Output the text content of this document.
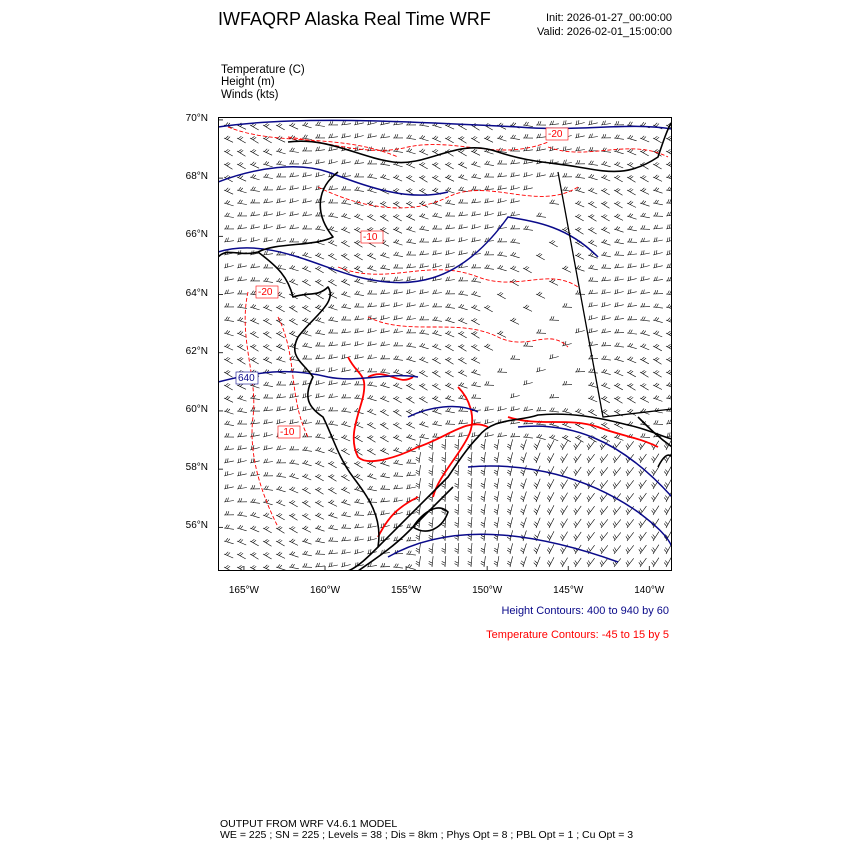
IWFAQRP Alaska Real Time WRF	Init: 2026-01-27_00:00:00
Valid: 2026-02-01_15:00:00
Temperature (C)
Height (m)
Winds (kts)
-20
-10
-20
-10
640
70°N
68°N
66°N
64°N
62°N
60°N
58°N
56°N
165°W	160°W	155°W	150°W	145°W	140°W
Height Contours: 400 to 940 by 60
Temperature Contours: -45 to 15 by 5
OUTPUT FROM WRF V4.6.1 MODEL
WE = 225 ; SN = 225 ; Levels = 38 ; Dis = 8km ; Phys Opt = 8 ; PBL Opt = 1 ; Cu Opt = 3
